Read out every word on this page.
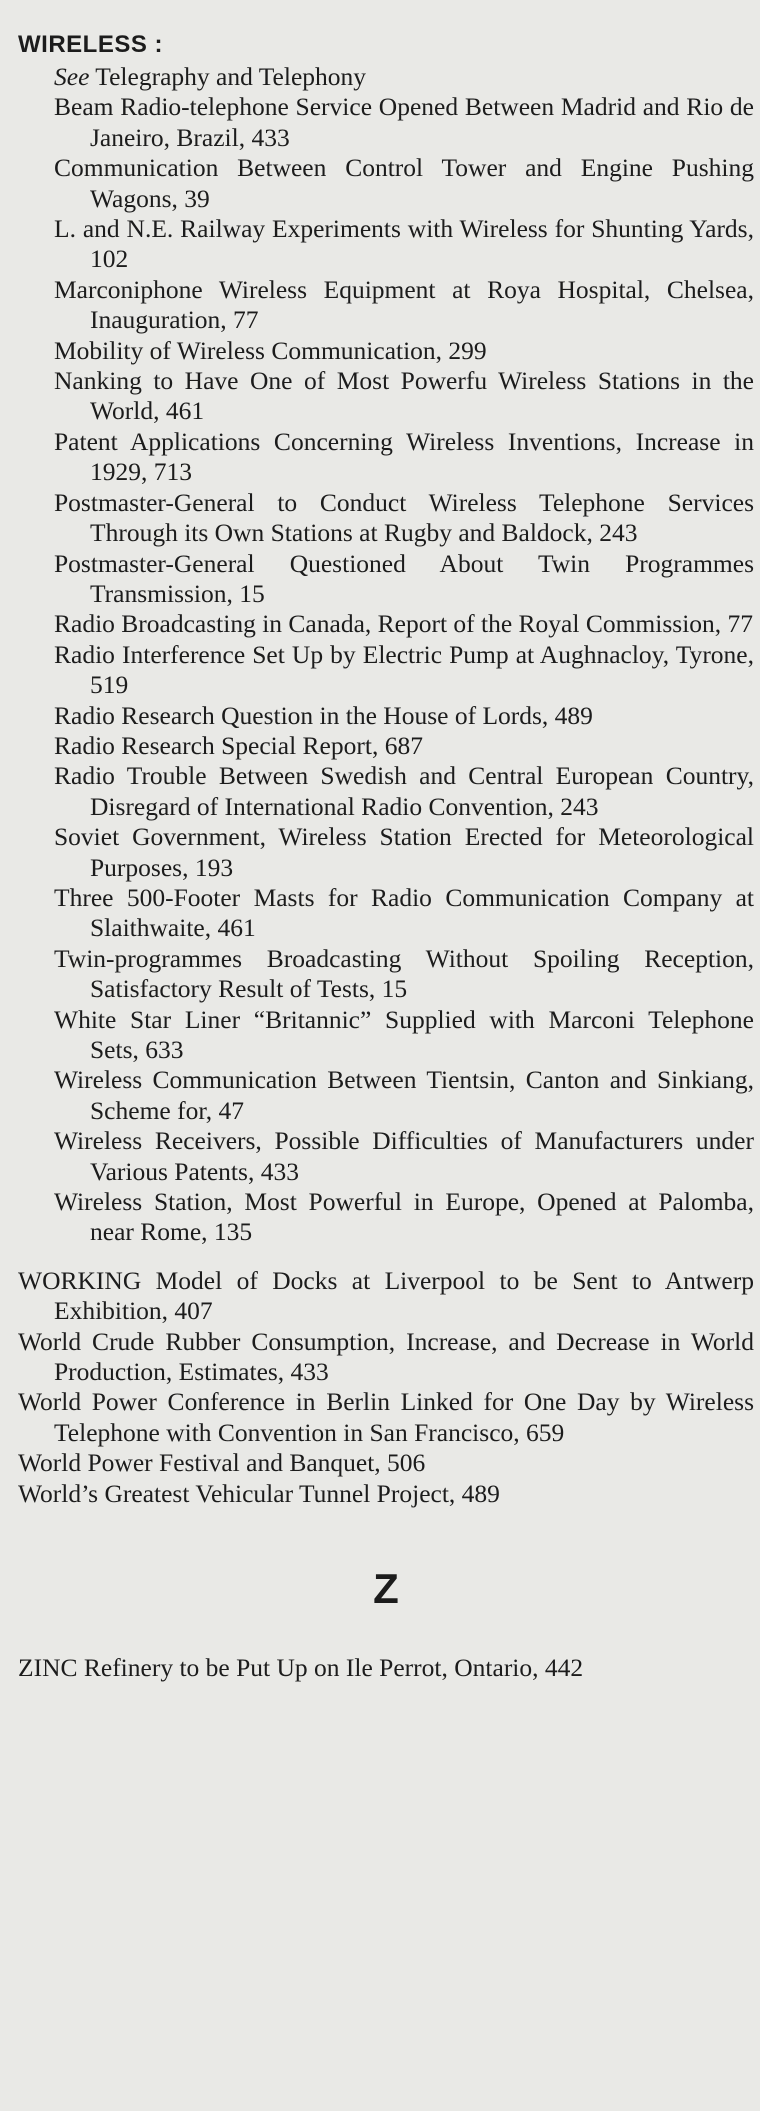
WIRELESS :
See Telegraphy and Telephony
Beam Radio-telephone Service Opened Between Madrid and Rio de Janeiro, Brazil, 433
Communication Between Control Tower and Engine Pushing Wagons, 39
L. and N.E. Railway Experiments with Wireless for Shunting Yards, 102
Marconiphone Wireless Equipment at Roya Hospital, Chelsea, Inauguration, 77
Mobility of Wireless Communication, 299
Nanking to Have One of Most Powerfu Wireless Stations in the World, 461
Patent Applications Concerning Wireless Inventions, Increase in 1929, 713
Postmaster-General to Conduct Wireless Telephone Services Through its Own Stations at Rugby and Baldock, 243
Postmaster-General Questioned About Twin Programmes Transmission, 15
Radio Broadcasting in Canada, Report of the Royal Commission, 77
Radio Interference Set Up by Electric Pump at Aughnacloy, Tyrone, 519
Radio Research Question in the House of Lords, 489
Radio Research Special Report, 687
Radio Trouble Between Swedish and Central European Country, Disregard of International Radio Convention, 243
Soviet Government, Wireless Station Erected for Meteorological Purposes, 193
Three 500-Footer Masts for Radio Communication Company at Slaithwaite, 461
Twin-programmes Broadcasting Without Spoiling Reception, Satisfactory Result of Tests, 15
White Star Liner “Britannic” Supplied with Marconi Telephone Sets, 633
Wireless Communication Between Tientsin, Canton and Sinkiang, Scheme for, 47
Wireless Receivers, Possible Difficulties of Manufacturers under Various Patents, 433
Wireless Station, Most Powerful in Europe, Opened at Palomba, near Rome, 135
WORKING Model of Docks at Liverpool to be Sent to Antwerp Exhibition, 407
World Crude Rubber Consumption, Increase, and Decrease in World Production, Estimates, 433
World Power Conference in Berlin Linked for One Day by Wireless Telephone with Convention in San Francisco, 659
World Power Festival and Banquet, 506
World’s Greatest Vehicular Tunnel Project, 489
Z
ZINC Refinery to be Put Up on Ile Perrot, Ontario, 442
